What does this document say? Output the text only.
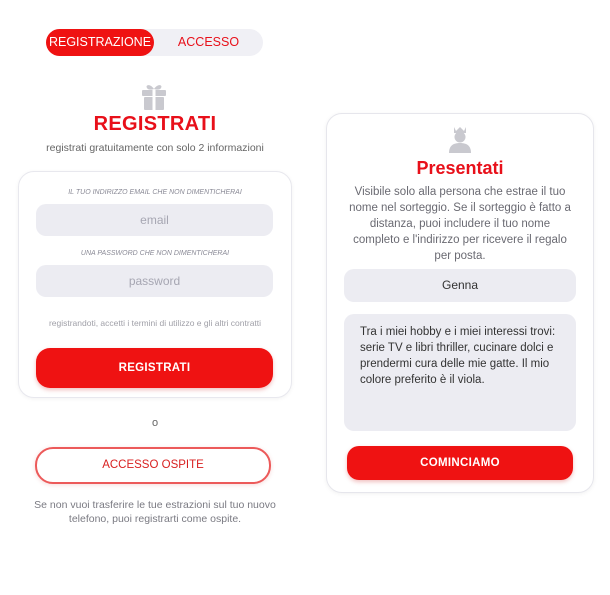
REGISTRAZIONE	ACCESSO
REGISTRATI
registrati gratuitamente con solo 2 informazioni
IL TUO INDIRIZZO EMAIL CHE NON DIMENTICHERAI
email
UNA PASSWORD CHE NON DIMENTICHERAI
registrandoti, accetti i termini di utilizzo e gli altri contratti
REGISTRATI
o
ACCESSO OSPITE
Se non vuoi trasferire le tue estrazioni sul tuo nuovo telefono, puoi registrarti come ospite.
Presentati
Visibile solo alla persona che estrae il tuo nome nel sorteggio. Se il sorteggio è fatto a distanza, puoi includere il tuo nome completo e l'indirizzo per ricevere il regalo per posta.
Genna
Tra i miei hobby e i miei interessi trovi: serie TV e libri thriller, cucinare dolci e prendermi cura delle mie gatte. Il mio colore preferito è il viola.
COMINCIAMO
